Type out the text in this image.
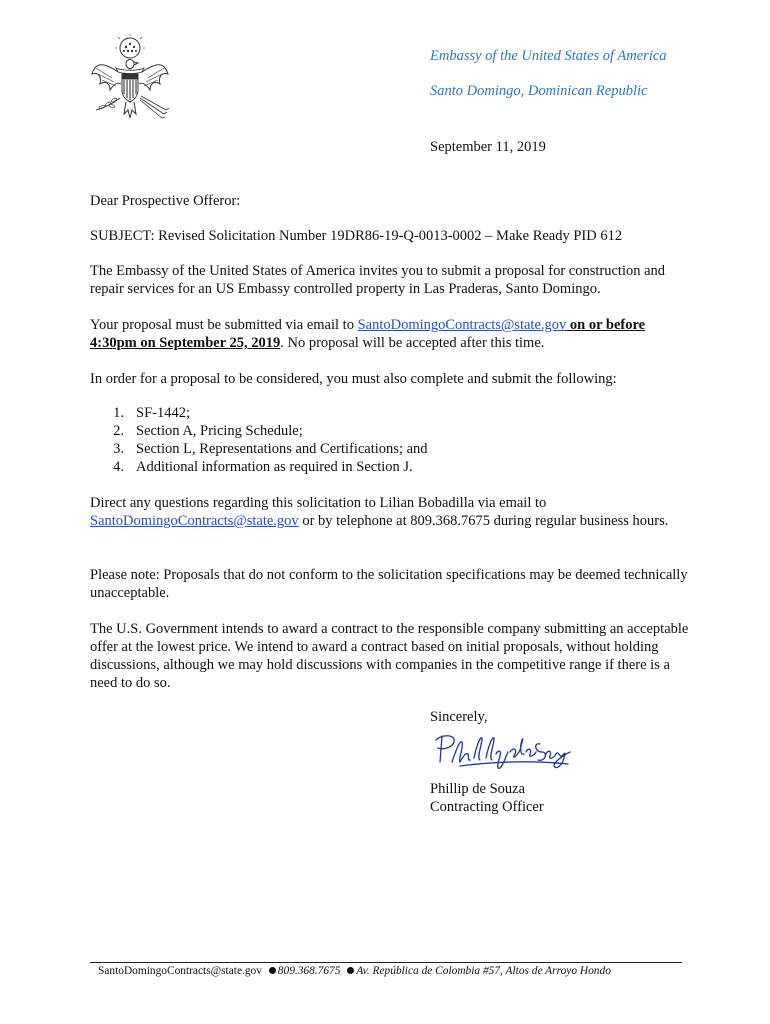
Embassy of the United States of America
Santo Domingo, Dominican Republic
September 11, 2019
Dear Prospective Offeror:
SUBJECT: Revised Solicitation Number 19DR86-19-Q-0013-0002 – Make Ready PID 612
The Embassy of the United States of America invites you to submit a proposal for construction and repair services for an US Embassy controlled property in Las Praderas, Santo Domingo.
Your proposal must be submitted via email to SantoDomingoContracts@state.gov on or before 4:30pm on September 25, 2019. No proposal will be accepted after this time.
In order for a proposal to be considered, you must also complete and submit the following:
1. SF-1442;
2. Section A, Pricing Schedule;
3. Section L, Representations and Certifications; and
4. Additional information as required in Section J.
Direct any questions regarding this solicitation to Lilian Bobadilla via email to SantoDomingoContracts@state.gov or by telephone at 809.368.7675 during regular business hours.
Please note: Proposals that do not conform to the solicitation specifications may be deemed technically unacceptable.
The U.S. Government intends to award a contract to the responsible company submitting an acceptable offer at the lowest price. We intend to award a contract based on initial proposals, without holding discussions, although we may hold discussions with companies in the competitive range if there is a need to do so.
Sincerely,
Phillip de Souza
Contracting Officer
SantoDomingoContracts@state.gov 809.368.7675 Av. República de Colombia #57, Altos de Arroyo Hondo
